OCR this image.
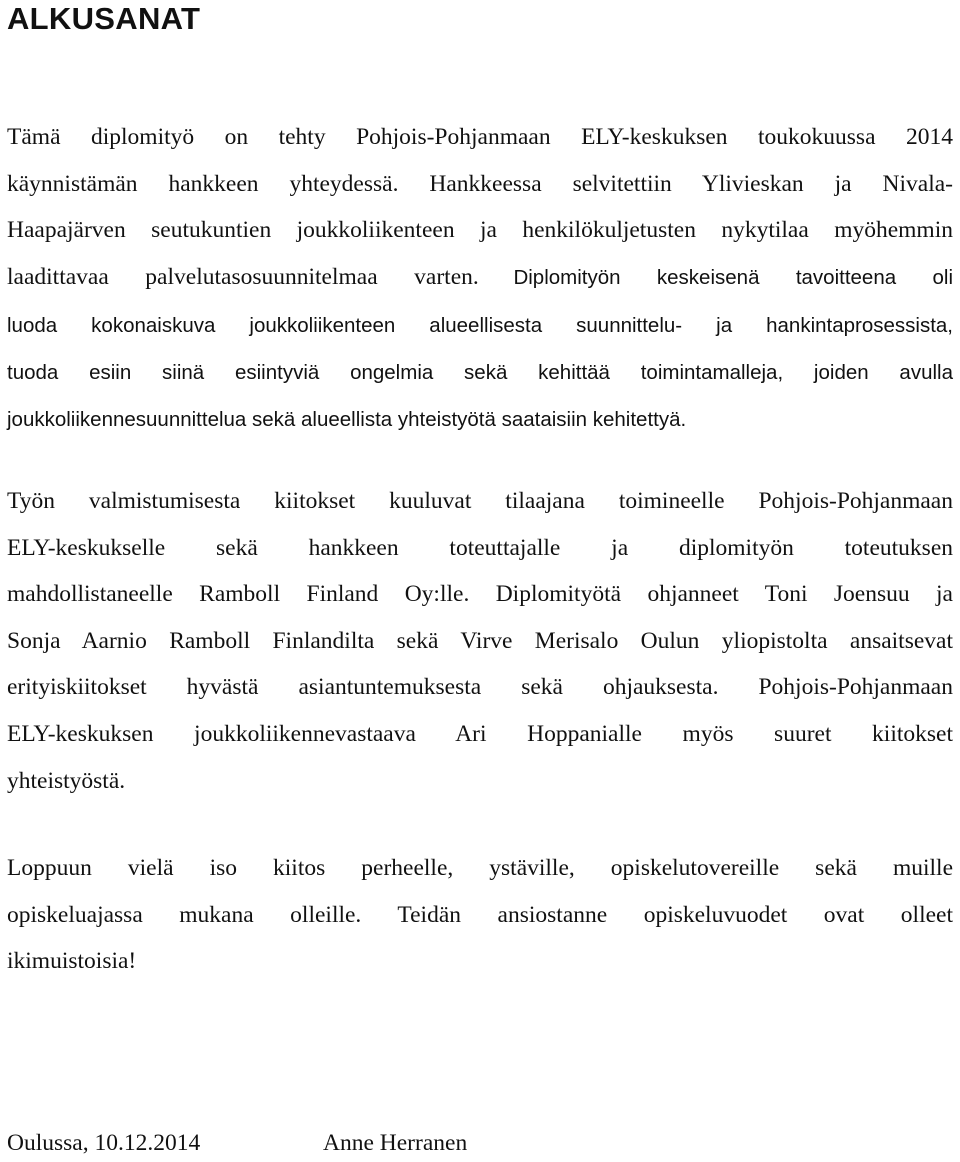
ALKUSANAT
Tämä diplomityö on tehty Pohjois-Pohjanmaan ELY-keskuksen toukokuussa 2014
käynnistämän hankkeen yhteydessä. Hankkeessa selvitettiin Ylivieskan ja Nivala-
Haapajärven seutukuntien joukkoliikenteen ja henkilökuljetusten nykytilaa myöhemmin
laadittavaa palvelutasosuunnitelmaa varten. Diplomityön keskeisenä tavoitteena oli
luoda kokonaiskuva joukkoliikenteen alueellisesta suunnittelu- ja hankintaprosessista,
tuoda esiin siinä esiintyviä ongelmia sekä kehittää toimintamalleja, joiden avulla
joukkoliikennesuunnittelua sekä alueellista yhteistyötä saataisiin kehitettyä.
Työn valmistumisesta kiitokset kuuluvat tilaajana toimineelle Pohjois-Pohjanmaan
ELY-keskukselle sekä hankkeen toteuttajalle ja diplomityön toteutuksen
mahdollistaneelle Ramboll Finland Oy:lle. Diplomityötä ohjanneet Toni Joensuu ja
Sonja Aarnio Ramboll Finlandilta sekä Virve Merisalo Oulun yliopistolta ansaitsevat
erityiskiitokset hyvästä asiantuntemuksesta sekä ohjauksesta. Pohjois-Pohjanmaan
ELY-keskuksen joukkoliikennevastaava Ari Hoppanialle myös suuret kiitokset
yhteistyöstä.
Loppuun vielä iso kiitos perheelle, ystäville, opiskelutovereille sekä muille
opiskeluajassa mukana olleille. Teidän ansiostanne opiskeluvuodet ovat olleet
ikimuistoisia!
Oulussa, 10.12.2014	Anne Herranen
